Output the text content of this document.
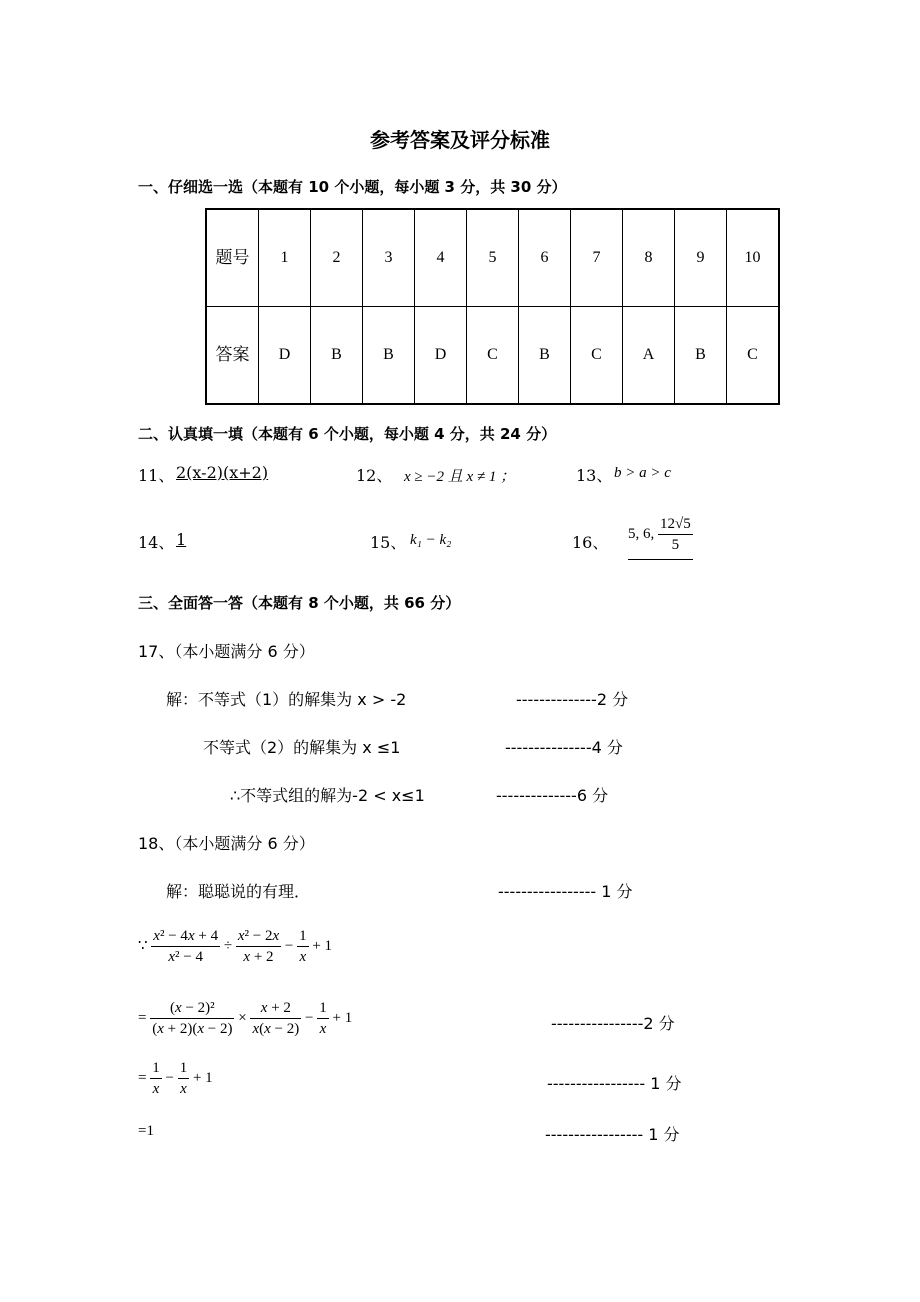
参考答案及评分标准
一、仔细选一选（本题有 10 个小题，每小题 3 分，共 30 分）
题号	1	2	3	4	5	6	7	8	9	10
答案	D	B	B	D	C	B	C	A	B	C
二、认真填一填（本题有 6 个小题，每小题 4 分，共 24 分）
11、 2(x-2)(x+2)	12、 x ≥ −2 且 x ≠ 1 ；	13、 b > a > c
14、 1	15、 k₁ − k₂	16、 5, 6, $\frac{12√5}{5}$
三、全面答一答（本题有 8 个小题，共 66 分）
17、（本小题满分 6 分）
解：不等式（1）的解集为 x > -2	--------------2 分
不等式（2）的解集为 x ≤1	---------------4 分
∴不等式组的解为-2 < x≤1	--------------6 分
18、（本小题满分 6 分）
解：聪聪说的有理．	----------------- 1 分
∵ $\frac{\text{x² − 4x + 4}}{\text{x² − 4}} \div \frac{\text{x² − 2x}}{x + 2} - \frac{1}{x} + 1$
= $\frac{\text{(x − 2)²}}{(x + 2)(x - 2)} \times \frac{x + 2}{x(x - 2)} - \frac{1}{x} + 1$	----------------2 分
= $\frac{1}{x} - \frac{1}{x} + 1$	----------------- 1 分
=1	----------------- 1 分
